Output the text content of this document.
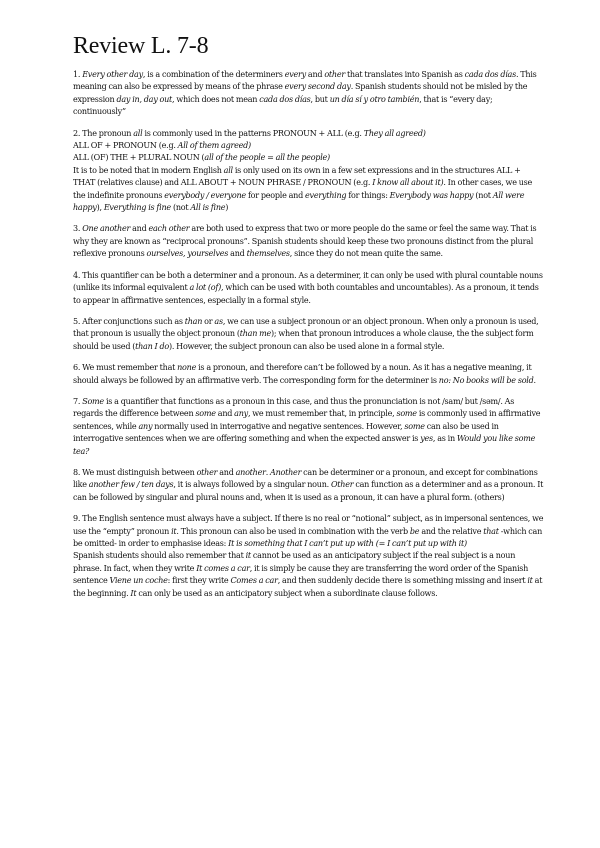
Review L. 7-8

1. Every other day, is a combination of the determiners every and other that translates into Spanish as cada dos días. This meaning can also be expressed by means of the phrase every second day. Spanish students should not be misled by the expression day in, day out, which does not mean cada dos días, but un día sí y otro también, that is “every day; continuously”

2. The pronoun all is commonly used in the patterns PRONOUN + ALL (e.g. They all agreed)

ALL OF + PRONOUN (e.g. All of them agreed)

ALL (OF) THE + PLURAL NOUN (all of the people = all the people)

It is to be noted that in modern English all is only used on its own in a few set expressions and in the structures ALL + THAT (relatives clause) and ALL ABOUT + NOUN PHRASE / PRONOUN (e.g. I know all about it). In other cases, we use the indefinite pronouns everybody / everyone for people and everything for things: Everybody was happy (not All were happy), Everything is fine (not All is fine)

3. One another and each other are both used to express that two or more people do the same or feel the same way. That is why they are known as “reciprocal pronouns”. Spanish students should keep these two pronouns distinct from the plural reflexive pronouns ourselves, yourselves and themselves, since they do not mean quite the same.

4. This quantifier can be both a determiner and a pronoun. As a determiner, it can only be used with plural countable nouns (unlike its informal equivalent a lot (of), which can be used with both countables and uncountables). As a pronoun, it tends to appear in affirmative sentences, especially in a formal style.

5. After conjunctions such as than or as, we can use a subject pronoun or an object pronoun. When only a pronoun is used, that pronoun is usually the object pronoun (than me); when that pronoun introduces a whole clause, the the subject form should be used (than I do). However, the subject pronoun can also be used alone in a formal style.

6. We must remember that none is a pronoun, and therefore can’t be followed by a noun. As it has a negative meaning, it should always be followed by an affirmative verb. The corresponding form for the determiner is no: No books will be sold.

7. Some is a quantifier that functions as a pronoun in this case, and thus the pronunciation is not /sam/ but /səm/. As regards the difference between some and any, we must remember that, in principle, some is commonly used in affirmative sentences, while any normally used in interrogative and negative sentences. However, some can also be used in interrogative sentences when we are offering something and when the expected answer is yes, as in Would you like some tea?

8. We must distinguish between other and another. Another can be determiner or a pronoun, and except for combinations like another few / ten days, it is always followed by a singular noun. Other can function as a determiner and as a pronoun. It can be followed by singular and plural nouns and, when it is used as a pronoun, it can have a plural form. (others)

9. The English sentence must always have a subject. If there is no real or “notional” subject, as in impersonal sentences, we use the “empty” pronoun it. This pronoun can also be used in combination with the verb be and the relative that -which can be omitted- in order to emphasise ideas: It is something that I can’t put up with (= I can’t put up with it)

Spanish students should also remember that it cannot be used as an anticipatory subject if the real subject is a noun phrase. In fact, when they write It comes a car, it is simply be cause they are transferring the word order of the Spanish sentence Viene un coche: first they write Comes a car, and then suddenly decide there is something missing and insert it at the beginning. It can only be used as an anticipatory subject when a subordinate clause follows.
